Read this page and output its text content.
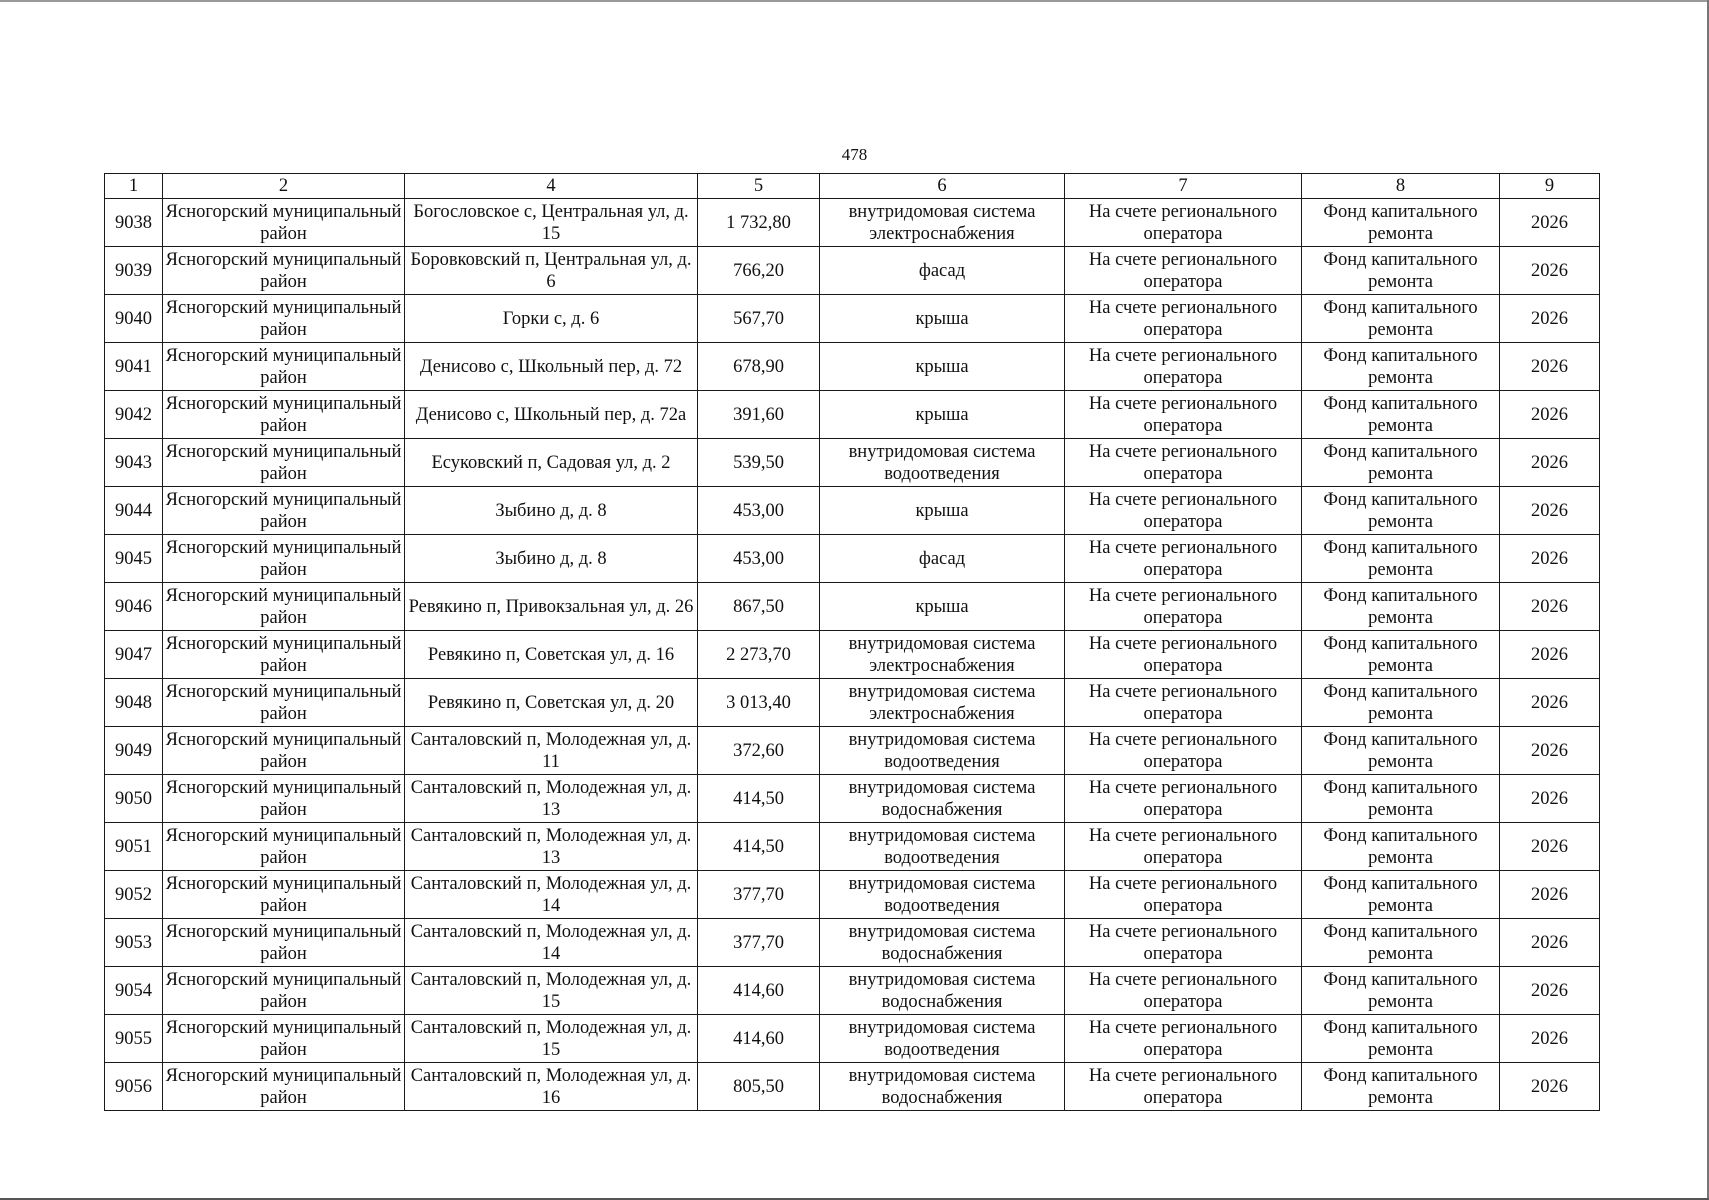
478
1	2	4	5	6	7	8	9

9038	Ясногорский муниципальный район	Богословское с, Центральная ул, д. 15	1 732,80	внутридомовая система электроснабжения	На счете регионального оператора	Фонд капитального ремонта	2026

9039	Ясногорский муниципальный район	Боровковский п, Центральная ул, д. 6	766,20	фасад	На счете регионального оператора	Фонд капитального ремонта	2026

9040	Ясногорский муниципальный район	Горки с, д. 6	567,70	крыша	На счете регионального оператора	Фонд капитального ремонта	2026

9041	Ясногорский муниципальный район	Денисово с, Школьный пер, д. 72	678,90	крыша	На счете регионального оператора	Фонд капитального ремонта	2026

9042	Ясногорский муниципальный район	Денисово с, Школьный пер, д. 72а	391,60	крыша	На счете регионального оператора	Фонд капитального ремонта	2026

9043	Ясногорский муниципальный район	Есуковский п, Садовая ул, д. 2	539,50	внутридомовая система водоотведения	На счете регионального оператора	Фонд капитального ремонта	2026

9044	Ясногорский муниципальный район	Зыбино д, д. 8	453,00	крыша	На счете регионального оператора	Фонд капитального ремонта	2026

9045	Ясногорский муниципальный район	Зыбино д, д. 8	453,00	фасад	На счете регионального оператора	Фонд капитального ремонта	2026

9046	Ясногорский муниципальный район	Ревякино п, Привокзальная ул, д. 26	867,50	крыша	На счете регионального оператора	Фонд капитального ремонта	2026

9047	Ясногорский муниципальный район	Ревякино п, Советская ул, д. 16	2 273,70	внутридомовая система электроснабжения	На счете регионального оператора	Фонд капитального ремонта	2026

9048	Ясногорский муниципальный район	Ревякино п, Советская ул, д. 20	3 013,40	внутридомовая система электроснабжения	На счете регионального оператора	Фонд капитального ремонта	2026

9049	Ясногорский муниципальный район	Санталовский п, Молодежная ул, д. 11	372,60	внутридомовая система водоотведения	На счете регионального оператора	Фонд капитального ремонта	2026

9050	Ясногорский муниципальный район	Санталовский п, Молодежная ул, д. 13	414,50	внутридомовая система водоснабжения	На счете регионального оператора	Фонд капитального ремонта	2026

9051	Ясногорский муниципальный район	Санталовский п, Молодежная ул, д. 13	414,50	внутридомовая система водоотведения	На счете регионального оператора	Фонд капитального ремонта	2026

9052	Ясногорский муниципальный район	Санталовский п, Молодежная ул, д. 14	377,70	внутридомовая система водоотведения	На счете регионального оператора	Фонд капитального ремонта	2026

9053	Ясногорский муниципальный район	Санталовский п, Молодежная ул, д. 14	377,70	внутридомовая система водоснабжения	На счете регионального оператора	Фонд капитального ремонта	2026

9054	Ясногорский муниципальный район	Санталовский п, Молодежная ул, д. 15	414,60	внутридомовая система водоснабжения	На счете регионального оператора	Фонд капитального ремонта	2026

9055	Ясногорский муниципальный район	Санталовский п, Молодежная ул, д. 15	414,60	внутридомовая система водоотведения	На счете регионального оператора	Фонд капитального ремонта	2026

9056	Ясногорский муниципальный район	Санталовский п, Молодежная ул, д. 16	805,50	внутридомовая система водоснабжения	На счете регионального оператора	Фонд капитального ремонта	2026
